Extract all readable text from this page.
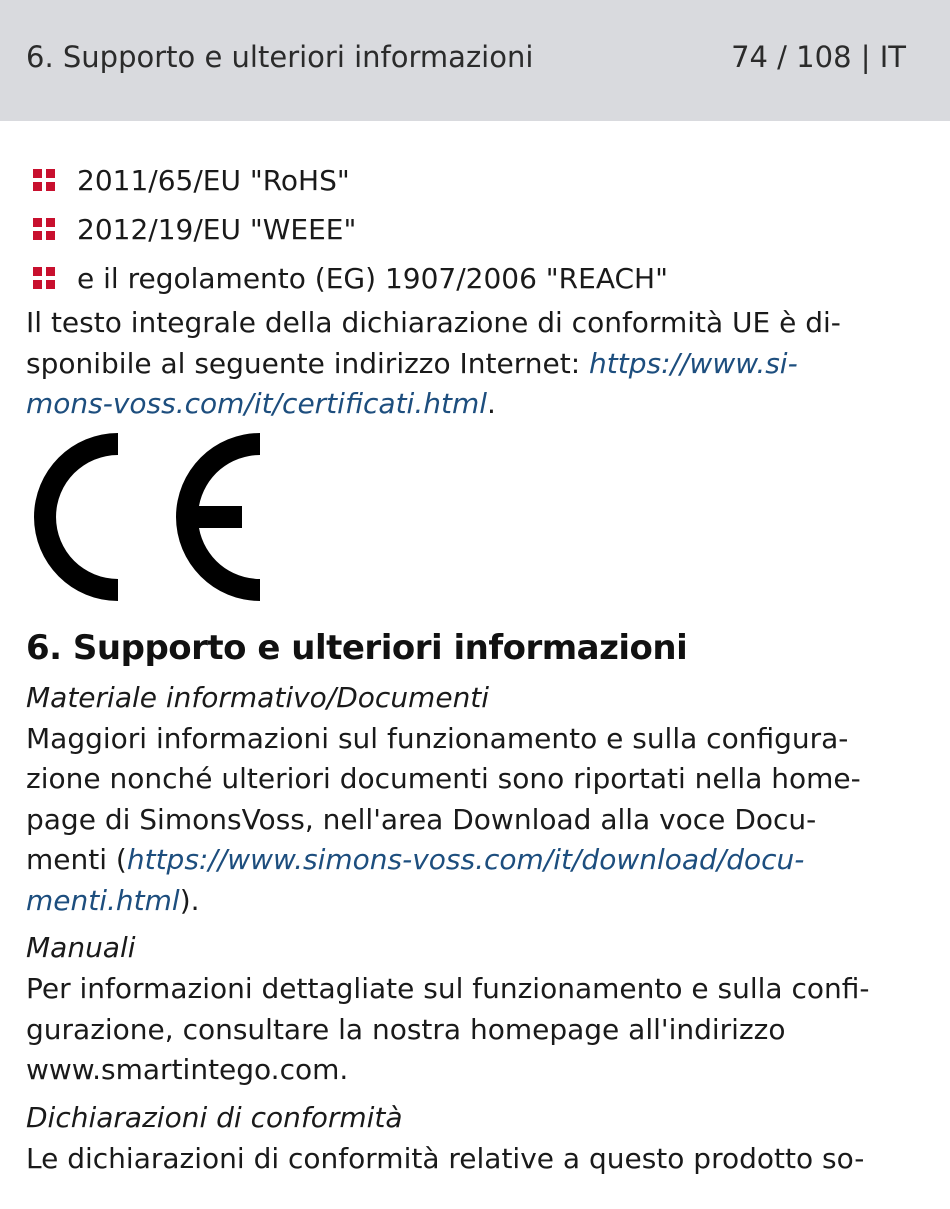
6. Supporto e ulteriori informazioni	74 / 108 | IT
2011/65/EU "RoHS"
2012/19/EU "WEEE"
e il regolamento (EG) 1907/2006 "REACH"

Il testo integrale della dichiarazione di conformità UE è di-

sponibile al seguente indirizzo Internet: https://www.si-

mons-voss.com/it/certificati.html.

6. Supporto e ulteriori informazioni

Materiale informativo/Documenti

Maggiori informazioni sul funzionamento e sulla configura-

zione nonché ulteriori documenti sono riportati nella home-

page di SimonsVoss, nell'area Download alla voce Docu-

menti (https://www.simons-voss.com/it/download/docu-

menti.html).

Manuali

Per informazioni dettagliate sul funzionamento e sulla confi-

gurazione, consultare la nostra homepage all'indirizzo

www.smartintego.com.

Dichiarazioni di conformità

Le dichiarazioni di conformità relative a questo prodotto so-
